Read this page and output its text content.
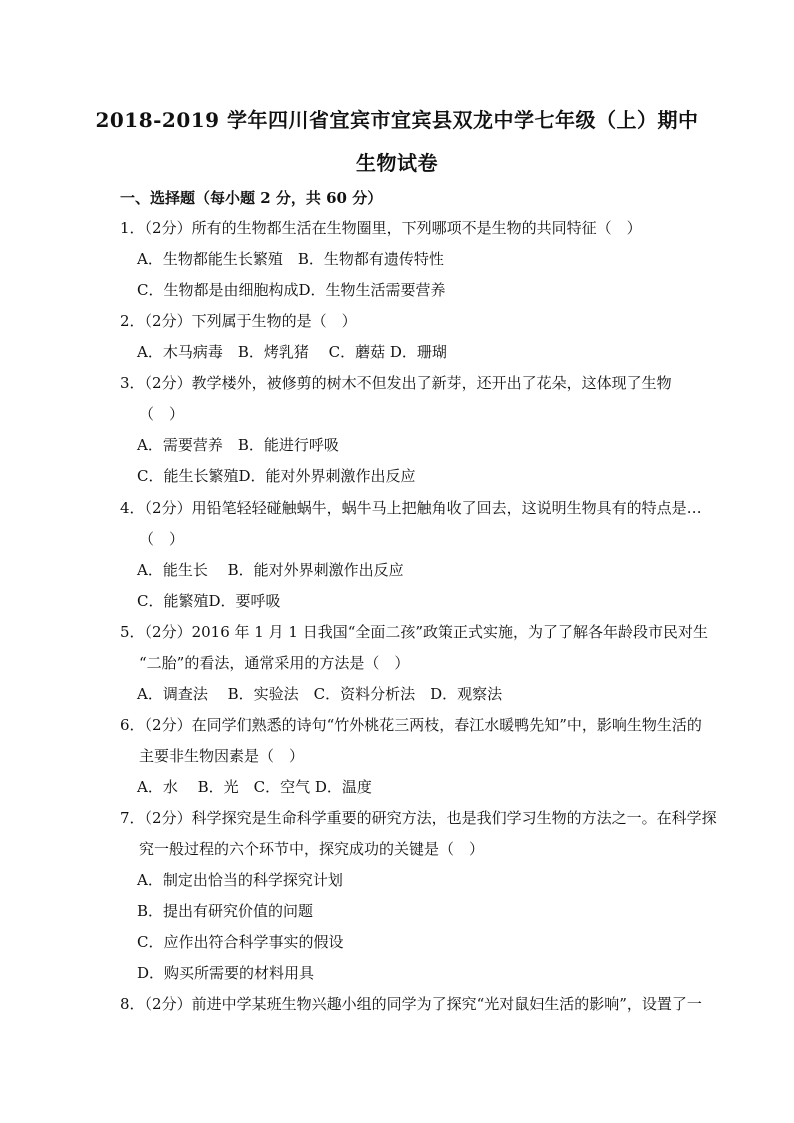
2018-2019 学年四川省宜宾市宜宾县双龙中学七年级（上）期中
生物试卷
一、选择题（每小题 2 分，共 60 分）
1．（2分）所有的生物都生活在生物圈里，下列哪项不是生物的共同特征（　）
A．生物都能生长繁殖　B．生物都有遗传特性
C．生物都是由细胞构成D．生物生活需要营养
2．（2分）下列属于生物的是（　）
A．木马病毒　B．烤乳猪　 C．蘑菇 D．珊瑚
3．（2分）教学楼外，被修剪的树木不但发出了新芽，还开出了花朵，这体现了生物
（　）
A．需要营养　B．能进行呼吸
C．能生长繁殖D．能对外界刺激作出反应
4．（2分）用铅笔轻轻碰触蜗牛，蜗牛马上把触角收了回去，这说明生物具有的特点是…
（　）
A．能生长　 B．能对外界刺激作出反应
C．能繁殖D．要呼吸
5．（2分）2016 年 1 月 1 日我国“全面二孩”政策正式实施，为了了解各年龄段市民对生
“二胎”的看法，通常采用的方法是（　）
A．调查法　 B．实验法　C．资料分析法　D．观察法
6．（2分）在同学们熟悉的诗句“竹外桃花三两枝，春江水暖鸭先知”中，影响生物生活的
主要非生物因素是（　）
A．水　 B．光　C．空气 D．温度
7．（2分）科学探究是生命科学重要的研究方法，也是我们学习生物的方法之一。在科学探
究一般过程的六个环节中，探究成功的关键是（　）
A．制定出恰当的科学探究计划
B．提出有研究价值的问题
C．应作出符合科学事实的假设
D．购买所需要的材料用具
8．（2分）前进中学某班生物兴趣小组的同学为了探究“光对鼠妇生活的影响”，设置了一
